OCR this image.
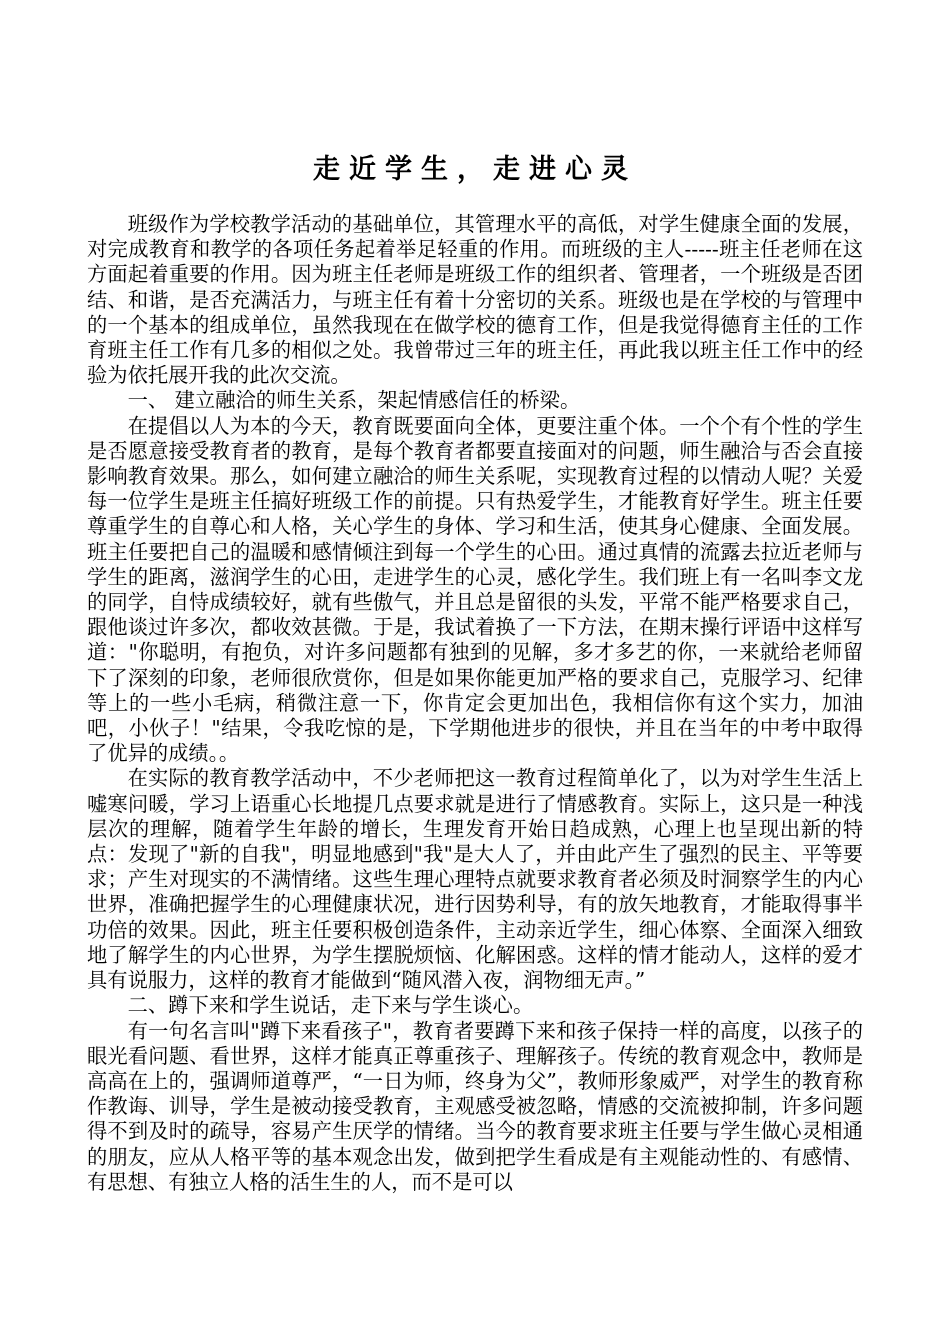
走近学生，走进心灵

班级作为学校教学活动的基础单位，其管理水平的高低，对学生健康全面的发展，对完成教育和教学的各项任务起着举足轻重的作用。而班级的主人-----班主任老师在这方面起着重要的作用。因为班主任老师是班级工作的组织者、管理者，一个班级是否团结、和谐，是否充满活力，与班主任有着十分密切的关系。班级也是在学校的与管理中的一个基本的组成单位，虽然我现在在做学校的德育工作，但是我觉得德育主任的工作育班主任工作有几多的相似之处。我曾带过三年的班主任，再此我以班主任工作中的经验为依托展开我的此次交流。

一、 建立融洽的师生关系，架起情感信任的桥梁。

在提倡以人为本的今天，教育既要面向全体，更要注重个体。一个个有个性的学生是否愿意接受教育者的教育，是每个教育者都要直接面对的问题，师生融洽与否会直接影响教育效果。那么，如何建立融洽的师生关系呢，实现教育过程的以情动人呢？关爱每一位学生是班主任搞好班级工作的前提。只有热爱学生，才能教育好学生。班主任要尊重学生的自尊心和人格，关心学生的身体、学习和生活，使其身心健康、全面发展。班主任要把自己的温暖和感情倾注到每一个学生的心田。通过真情的流露去拉近老师与学生的距离，滋润学生的心田，走进学生的心灵，感化学生。我们班上有一名叫李文龙的同学，自恃成绩较好，就有些傲气，并且总是留很的头发，平常不能严格要求自己，跟他谈过许多次，都收效甚微。于是，我试着换了一下方法，在期末操行评语中这样写道："你聪明，有抱负，对许多问题都有独到的见解，多才多艺的你，一来就给老师留下了深刻的印象，老师很欣赏你，但是如果你能更加严格的要求自己，克服学习、纪律等上的一些小毛病，稍微注意一下，你肯定会更加出色，我相信你有这个实力，加油吧，小伙子！"结果，令我吃惊的是，下学期他进步的很快，并且在当年的中考中取得了优异的成绩。。

在实际的教育教学活动中，不少老师把这一教育过程简单化了，以为对学生生活上嘘寒问暖，学习上语重心长地提几点要求就是进行了情感教育。实际上，这只是一种浅层次的理解，随着学生年龄的增长，生理发育开始日趋成熟，心理上也呈现出新的特点：发现了"新的自我"，明显地感到"我"是大人了，并由此产生了强烈的民主、平等要求；产生对现实的不满情绪。这些生理心理特点就要求教育者必须及时洞察学生的内心世界，准确把握学生的心理健康状况，进行因势利导，有的放矢地教育，才能取得事半功倍的效果。因此，班主任要积极创造条件，主动亲近学生，细心体察、全面深入细致地了解学生的内心世界，为学生摆脱烦恼、化解困惑。这样的情才能动人，这样的爱才具有说服力，这样的教育才能做到“随风潜入夜，润物细无声。”

二、蹲下来和学生说话，走下来与学生谈心。

有一句名言叫"蹲下来看孩子"，教育者要蹲下来和孩子保持一样的高度，以孩子的眼光看问题、看世界，这样才能真正尊重孩子、理解孩子。传统的教育观念中，教师是高高在上的，强调师道尊严，“一日为师，终身为父”，教师形象威严，对学生的教育称作教诲、训导，学生是被动接受教育，主观感受被忽略，情感的交流被抑制，许多问题得不到及时的疏导，容易产生厌学的情绪。当今的教育要求班主任要与学生做心灵相通的朋友，应从人格平等的基本观念出发，做到把学生看成是有主观能动性的、有感情、有思想、有独立人格的活生生的人，而不是可以
